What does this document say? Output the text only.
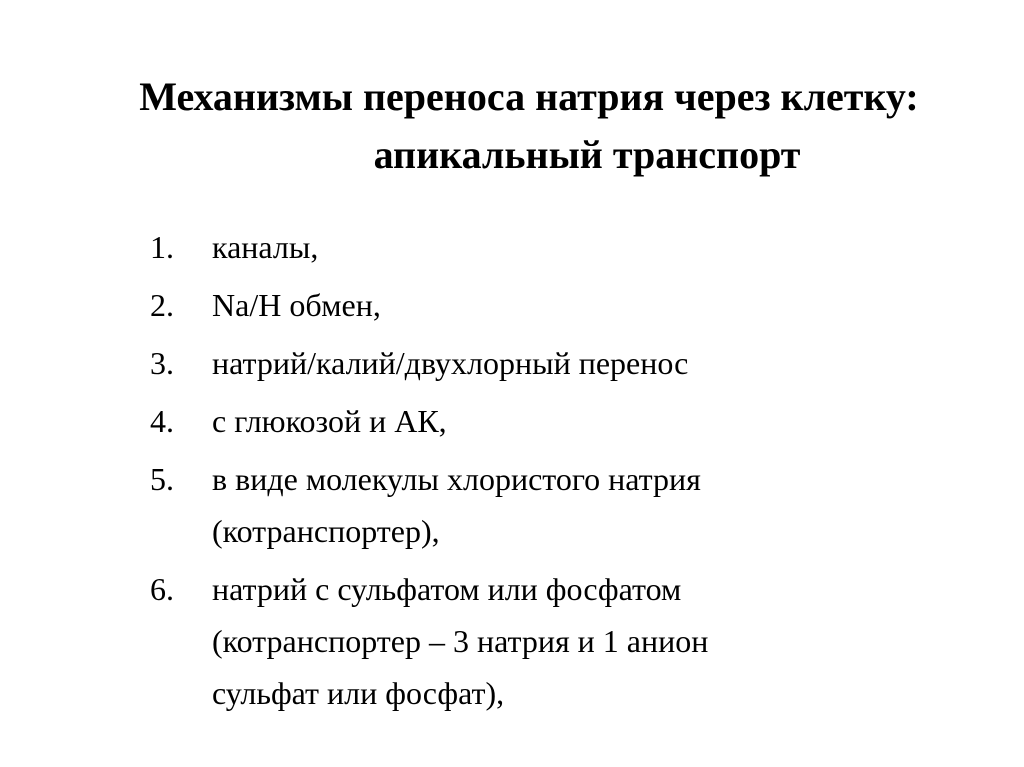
Механизмы переноса натрия через клетку:
апикальный транспорт
1. каналы,
2. Na/H обмен,
3. натрий/калий/двухлорный перенос
4. с глюкозой и АК,
5. в виде молекулы хлористого натрия
(котранспортер),
6. натрий с сульфатом или фосфатом
(котранспортер – 3 натрия и 1 анион
сульфат или фосфат),
